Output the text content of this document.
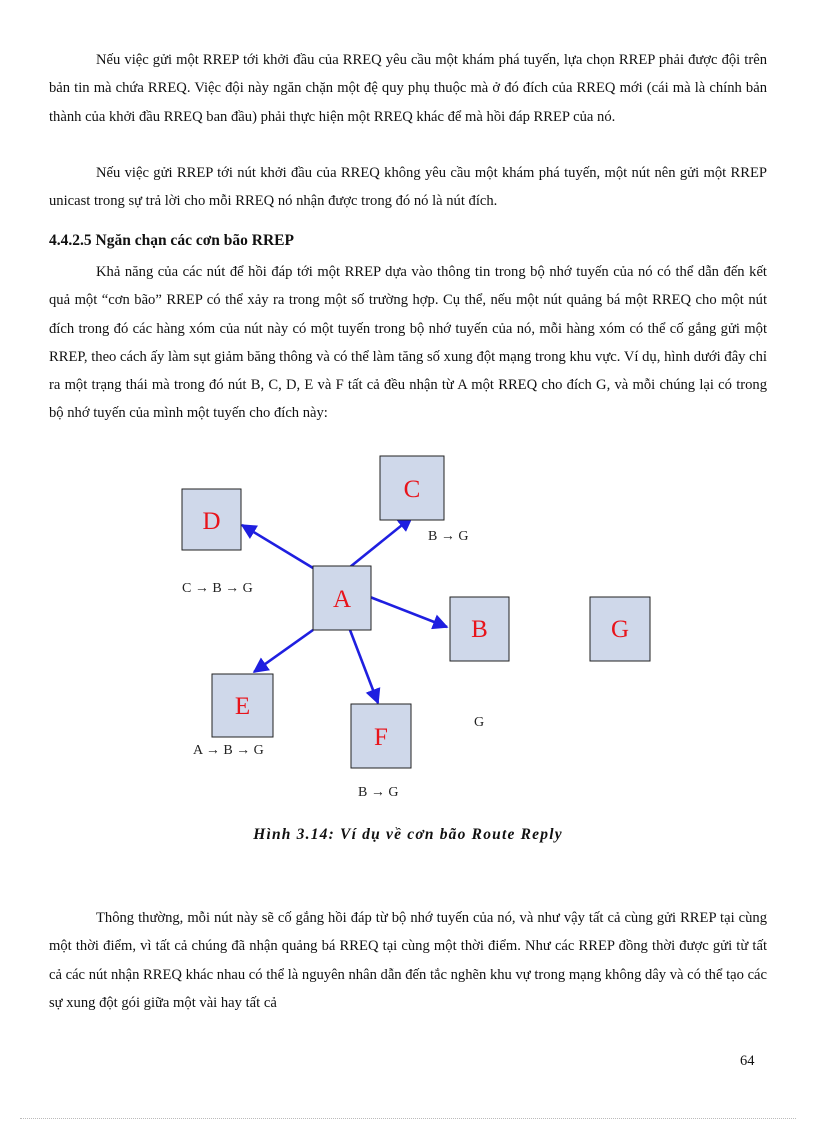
Nếu việc gửi một RREP tới khởi đầu của RREQ yêu cầu một khám phá tuyến, lựa chọn RREP phải được đội trên bản tin mà chứa RREQ. Việc đội này ngăn chặn một đệ quy phụ thuộc mà ở đó đích của RREQ mới (cái mà là chính bản thành của khởi đầu RREQ ban đầu) phải thực hiện một RREQ khác để mà hồi đáp RREP của nó.

Nếu việc gửi RREP tới nút khởi đầu của RREQ không yêu cầu một khám phá tuyến, một nút nên gửi một RREP unicast trong sự trả lời cho mỗi RREQ nó nhận được trong đó nó là nút đích.

4.4.2.5 Ngăn chạn các cơn bão RREP

Khả năng của các nút để hồi đáp tới một RREP dựa vào thông tin trong bộ nhớ tuyến của nó có thể dẫn đến kết quả một “cơn bão” RREP có thể xảy ra trong một số trường hợp. Cụ thể, nếu một nút quảng bá một RREQ cho một nút đích trong đó các hàng xóm của nút này có một tuyến trong bộ nhớ tuyến của nó, mỗi hàng xóm có thể cố gắng gửi một RREP, theo cách ấy làm sụt giảm băng thông và có thể làm tăng số xung đột mạng trong khu vực. Ví dụ, hình dưới đây chỉ ra một trạng thái mà trong đó nút B, C, D, E và F tất cả đều nhận từ A một RREQ cho đích G, và mỗi chúng lại có trong bộ nhớ tuyến của mình một tuyến cho đích này:

D
C
A
B	G
E
F
B → G
C → B → G
G
A → B → G
B → G

Hình 3.14: Ví dụ về cơn bão Route Reply

Thông thường, mỗi nút này sẽ cố gắng hồi đáp từ bộ nhớ tuyến của nó, và như vậy tất cả cùng gửi RREP tại cùng một thời điểm, vì tất cả chúng đã nhận quảng bá RREQ tại cùng một thời điểm. Như các RREP đồng thời được gửi từ tất cả các nút nhận RREQ khác nhau có thể là nguyên nhân dẫn đến tắc nghẽn khu vự trong mạng không dây và có thể tạo các sự xung đột gói giữa một vài hay tất cả

64
